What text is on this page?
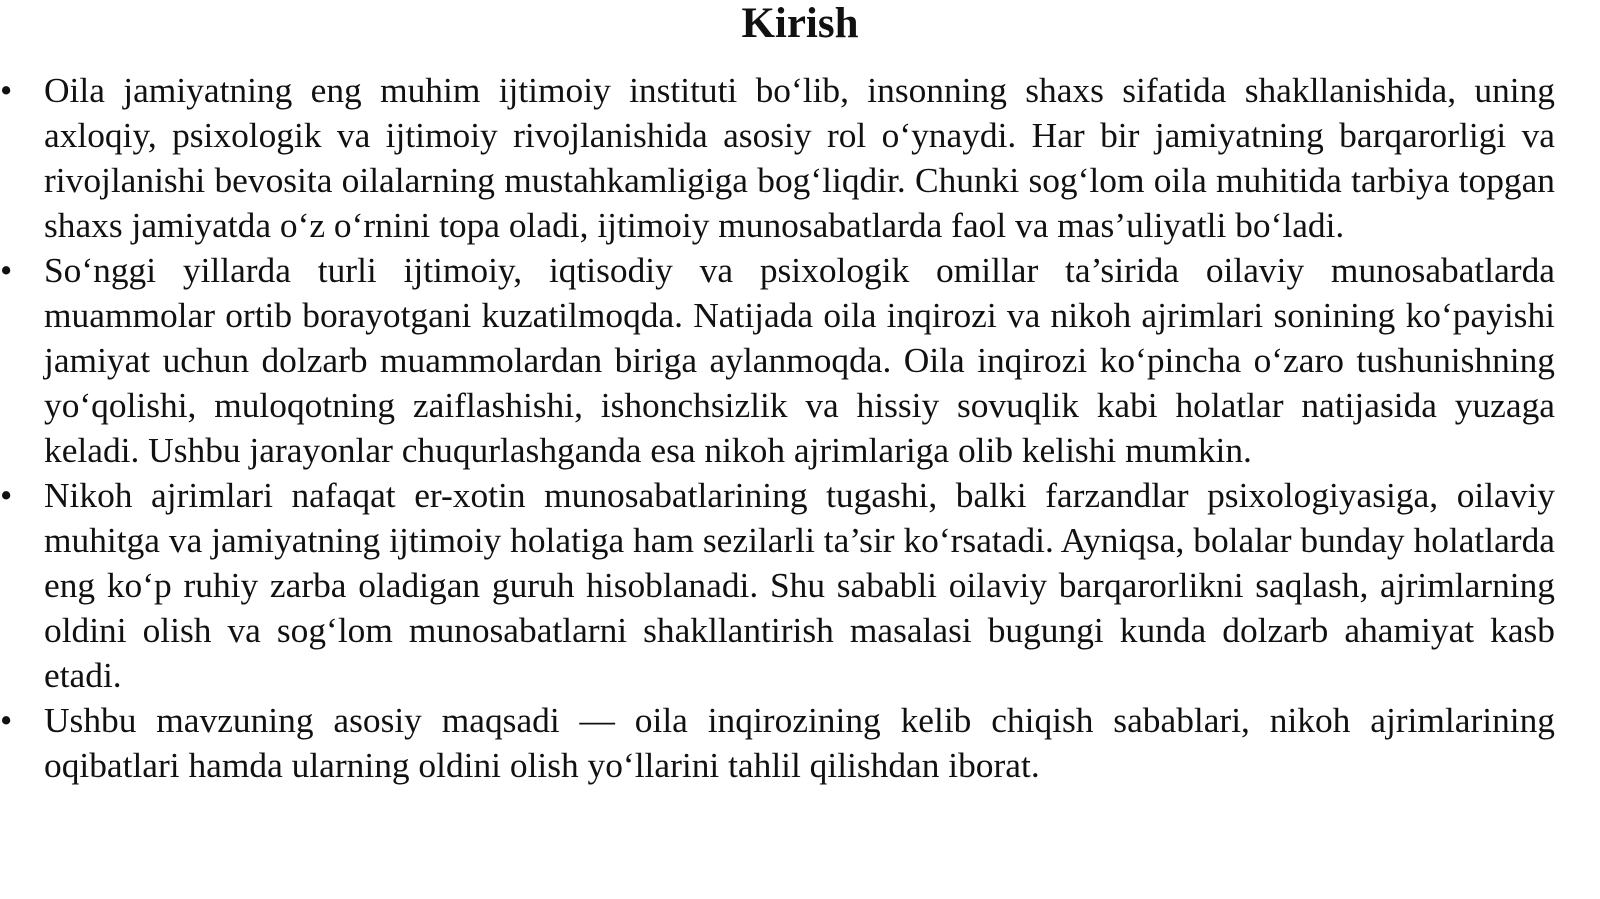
Kirish
• Oila jamiyatning eng muhim ijtimoiy instituti bo‘lib, insonning shaxs sifatida shakllanishida, uning axloqiy, psixologik va ijtimoiy rivojlanishida asosiy rol o‘ynaydi. Har bir jamiyatning barqarorligi va rivojlanishi bevosita oilalarning mustahkamligiga bog‘liqdir. Chunki sog‘lom oila muhitida tarbiya topgan shaxs jamiyatda o‘z o‘rnini topa oladi, ijtimoiy munosabatlarda faol va mas’uliyatli bo‘ladi.
• So‘nggi yillarda turli ijtimoiy, iqtisodiy va psixologik omillar ta’sirida oilaviy munosabatlarda muammolar ortib borayotgani kuzatilmoqda. Natijada oila inqirozi va nikoh ajrimlari sonining ko‘payishi jamiyat uchun dolzarb muammolardan biriga aylanmoqda. Oila inqirozi ko‘pincha o‘zaro tushunishning yo‘qolishi, muloqotning zaiflashishi, ishonchsizlik va hissiy sovuqlik kabi holatlar natijasida yuzaga keladi. Ushbu jarayonlar chuqurlashganda esa nikoh ajrimlariga olib kelishi mumkin.
• Nikoh ajrimlari nafaqat er-xotin munosabatlarining tugashi, balki farzandlar psixologiyasiga, oilaviy muhitga va jamiyatning ijtimoiy holatiga ham sezilarli ta’sir ko‘rsatadi. Ayniqsa, bolalar bunday holatlarda eng ko‘p ruhiy zarba oladigan guruh hisoblanadi. Shu sababli oilaviy barqarorlikni saqlash, ajrimlarning oldini olish va sog‘lom munosabatlarni shakllantirish masalasi bugungi kunda dolzarb ahamiyat kasb etadi.
• Ushbu mavzuning asosiy maqsadi — oila inqirozining kelib chiqish sabablari, nikoh ajrimlarining oqibatlari hamda ularning oldini olish yo‘llarini tahlil qilishdan iborat.
